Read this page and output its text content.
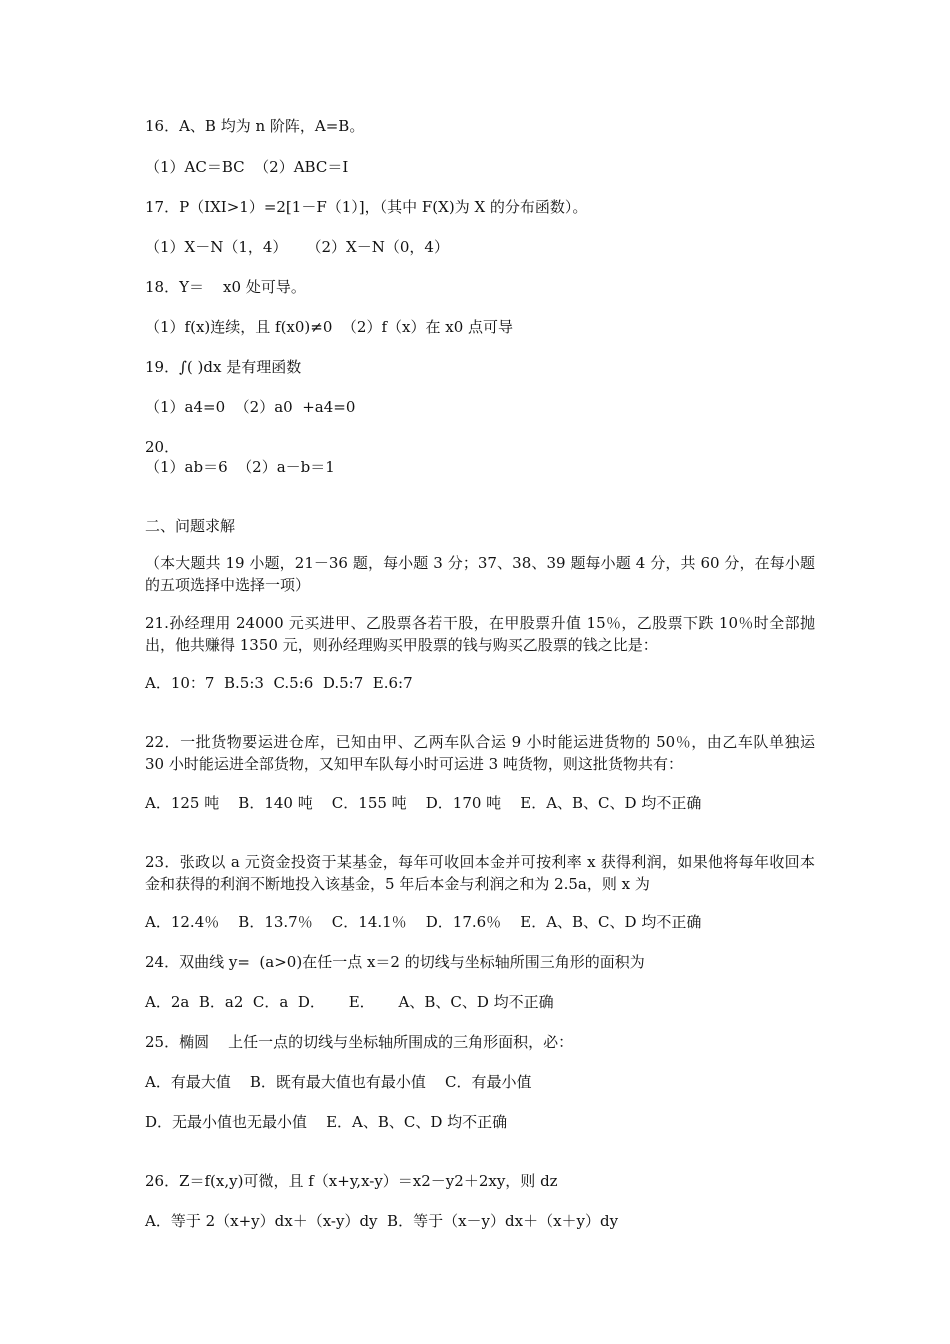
16．A、B 均为 n 阶阵，A=B。

（1）AC＝BC  （2）ABC＝I

17．P（IXI>1）=2[1－F（1）]，（其中 F(X)为 X 的分布函数）。

（1）X－N（1，4）    （2）X－N（0，4）

18．Y＝    x0 处可导。

（1）f(x)连续，且 f(x0)≠0  （2）f（x）在 x0 点可导

19．∫( )dx 是有理函数

（1）a4=0  （2）a0  +a4=0

20．

（1）ab＝6  （2）a－b＝1

二、问题求解

（本大题共 19 小题，21－36 题，每小题 3 分；37、38、39 题每小题 4 分，共 60 分，在每小题的五项选择中选择一项）

21.孙经理用 24000 元买进甲、乙股票各若干股，在甲股票升值 15％，乙股票下跌 10％时全部抛出，他共赚得 1350 元，则孙经理购买甲股票的钱与购买乙股票的钱之比是：

A．10：7  B.5:3  C.5:6  D.5:7  E.6:7

22．一批货物要运进仓库，已知由甲、乙两车队合运 9 小时能运进货物的 50％，由乙车队单独运 30 小时能运进全部货物，又知甲车队每小时可运进 3 吨货物，则这批货物共有：

A．125 吨    B．140 吨    C．155 吨    D．170 吨    E．A、B、C、D 均不正确

23．张政以 a 元资金投资于某基金，每年可收回本金并可按利率 x 获得利润，如果他将每年收回本金和获得的利润不断地投入该基金，5 年后本金与利润之和为 2.5a，则 x 为

A．12.4％    B．13.7％    C．14.1％    D．17.6％    E．A、B、C、D 均不正确

24．双曲线 y=  (a>0)在任一点 x＝2 的切线与坐标轴所围三角形的面积为

A．2a  B．a2  C．a  D．     E．     A、B、C、D 均不正确

25．椭圆    上任一点的切线与坐标轴所围成的三角形面积，必：

A．有最大值    B．既有最大值也有最小值    C．有最小值

D．无最小值也无最小值    E．A、B、C、D 均不正确

26．Z＝f(x,y)可微，且 f（x+y,x-y）＝x2－y2＋2xy，则 dz

A．等于 2（x+y）dx＋（x-y）dy  B．等于（x－y）dx＋（x＋y）dy
